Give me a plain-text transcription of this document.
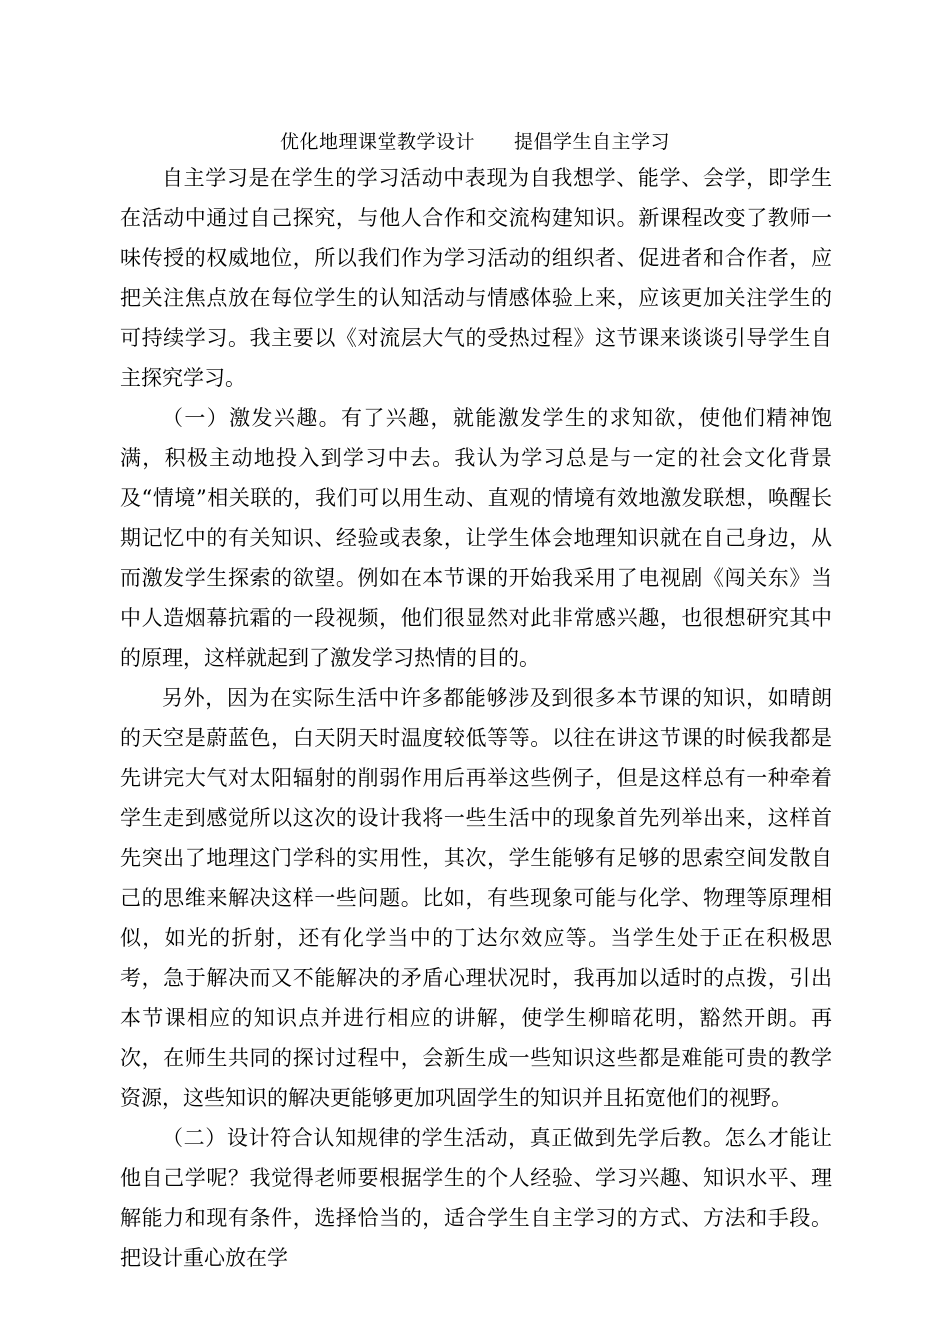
优化地理课堂教学设计　　提倡学生自主学习

自主学习是在学生的学习活动中表现为自我想学、能学、会学，即学生在活动中通过自己探究，与他人合作和交流构建知识。新课程改变了教师一味传授的权威地位，所以我们作为学习活动的组织者、促进者和合作者，应把关注焦点放在每位学生的认知活动与情感体验上来，应该更加关注学生的可持续学习。我主要以《对流层大气的受热过程》这节课来谈谈引导学生自主探究学习。

（一）激发兴趣。有了兴趣，就能激发学生的求知欲，使他们精神饱满，积极主动地投入到学习中去。我认为学习总是与一定的社会文化背景及“情境”相关联的，我们可以用生动、直观的情境有效地激发联想，唤醒长期记忆中的有关知识、经验或表象，让学生体会地理知识就在自己身边，从而激发学生探索的欲望。例如在本节课的开始我采用了电视剧《闯关东》当中人造烟幕抗霜的一段视频，他们很显然对此非常感兴趣，也很想研究其中的原理，这样就起到了激发学习热情的目的。

另外，因为在实际生活中许多都能够涉及到很多本节课的知识，如晴朗的天空是蔚蓝色，白天阴天时温度较低等等。以往在讲这节课的时候我都是先讲完大气对太阳辐射的削弱作用后再举这些例子，但是这样总有一种牵着学生走到感觉所以这次的设计我将一些生活中的现象首先列举出来，这样首先突出了地理这门学科的实用性，其次，学生能够有足够的思索空间发散自己的思维来解决这样一些问题。比如，有些现象可能与化学、物理等原理相似，如光的折射，还有化学当中的丁达尔效应等。当学生处于正在积极思考，急于解决而又不能解决的矛盾心理状况时，我再加以适时的点拨，引出本节课相应的知识点并进行相应的讲解，使学生柳暗花明，豁然开朗。再次，在师生共同的探讨过程中，会新生成一些知识这些都是难能可贵的教学资源，这些知识的解决更能够更加巩固学生的知识并且拓宽他们的视野。

（二）设计符合认知规律的学生活动，真正做到先学后教。怎么才能让他自己学呢？我觉得老师要根据学生的个人经验、学习兴趣、知识水平、理解能力和现有条件，选择恰当的，适合学生自主学习的方式、方法和手段。把设计重心放在学
